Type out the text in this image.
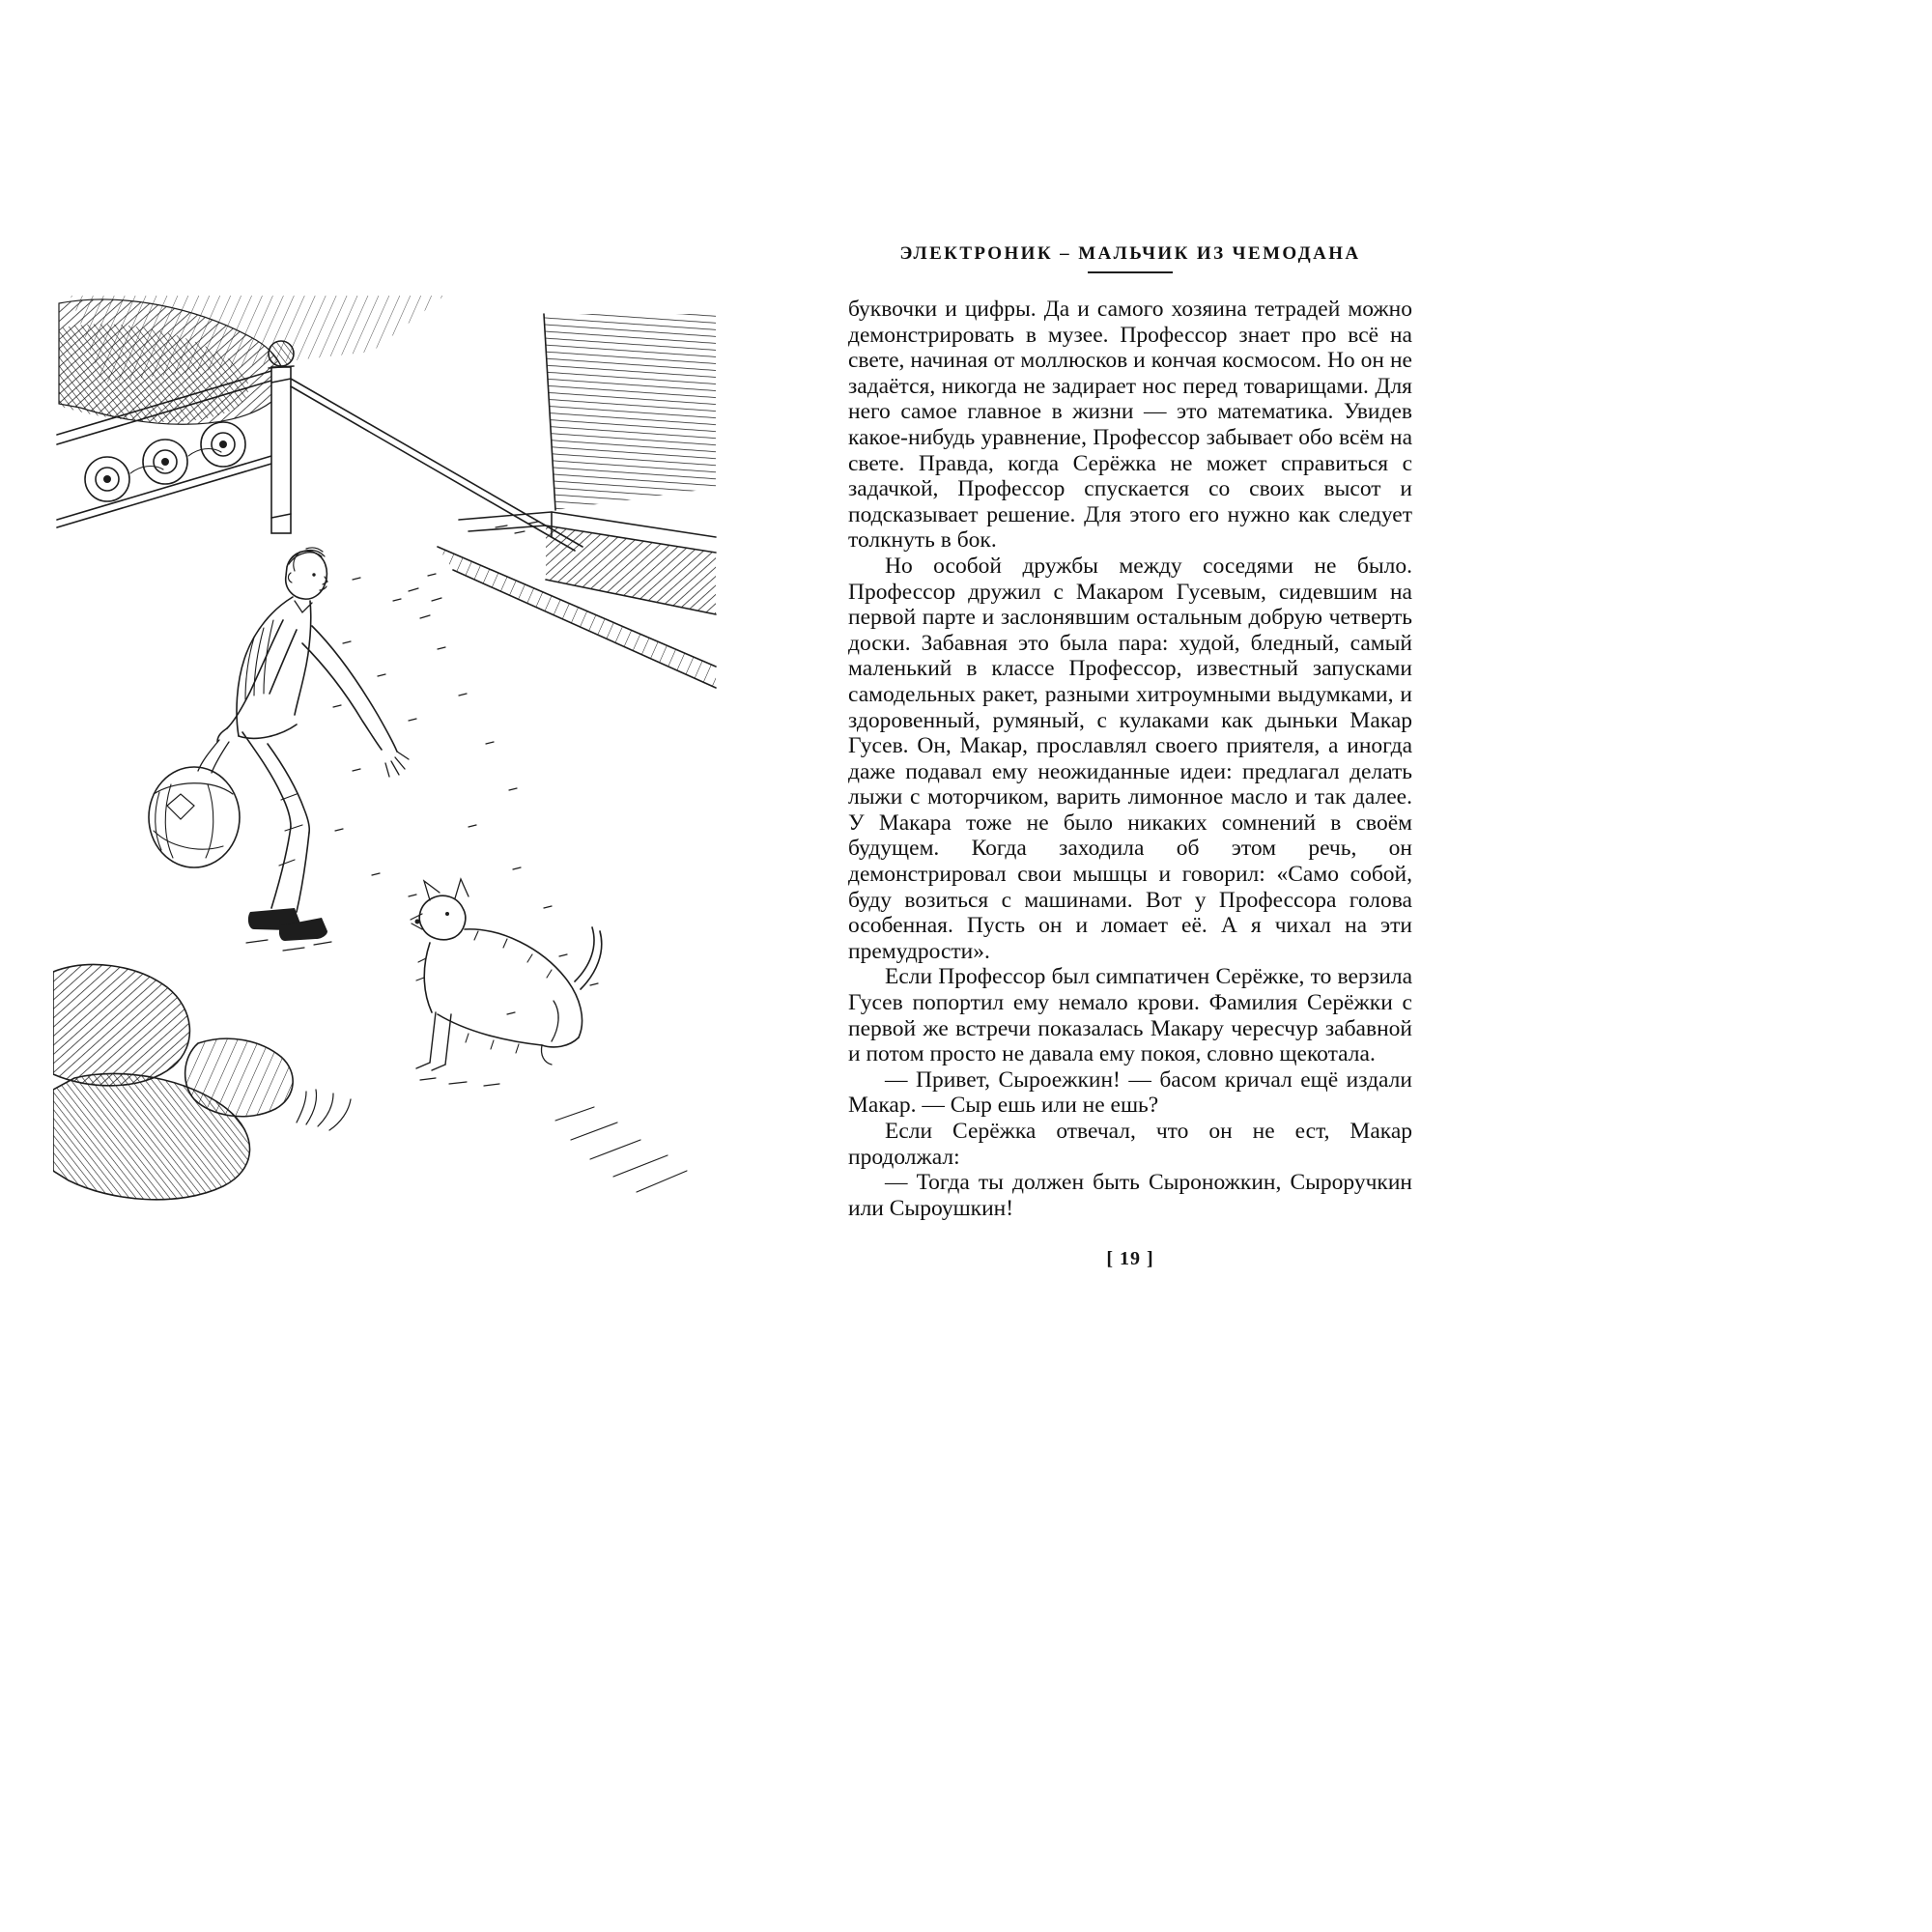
ЭЛЕКТРОНИК – МАЛЬЧИК ИЗ ЧЕМОДАНА

буквочки и цифры. Да и самого хозяина тетрадей можно демонстрировать в музее. Профессор знает про всё на свете, начиная от моллюсков и кончая космосом. Но он не задаётся, никогда не задирает нос перед товарищами. Для него самое главное в жизни — это математика. Увидев какое-нибудь уравнение, Профессор забывает обо всём на свете. Правда, когда Серёжка не может справиться с задачкой, Профессор спускается со своих высот и подсказывает решение. Для этого его нужно как следует толкнуть в бок.

Но особой дружбы между соседями не было. Профессор дружил с Макаром Гусевым, сидевшим на первой парте и заслонявшим остальным добрую четверть доски. Забавная это была пара: худой, бледный, самый маленький в классе Профессор, известный запусками самодельных ракет, разными хитроумными выдумками, и здоровенный, румяный, с кулаками как дыньки Макар Гусев. Он, Макар, прославлял своего приятеля, а иногда даже подавал ему неожиданные идеи: предлагал делать лыжи с моторчиком, варить лимонное масло и так далее. У Макара тоже не было никаких сомнений в своём будущем. Когда заходила об этом речь, он демонстрировал свои мышцы и говорил: «Само собой, буду возиться с машинами. Вот у Профессора голова особенная. Пусть он и ломает её. А я чихал на эти премудрости».

Если Профессор был симпатичен Серёжке, то верзила Гусев попортил ему немало крови. Фамилия Серёжки с первой же встречи показалась Макару чересчур забавной и потом просто не давала ему покоя, словно щекотала.

— Привет, Сыроежкин! — басом кричал ещё издали Макар. — Сыр ешь или не ешь?

Если Серёжка отвечал, что он не ест, Макар продолжал:

— Тогда ты должен быть Сыроножкин, Сыроручкин или Сыроушкин!

[ 19 ]
